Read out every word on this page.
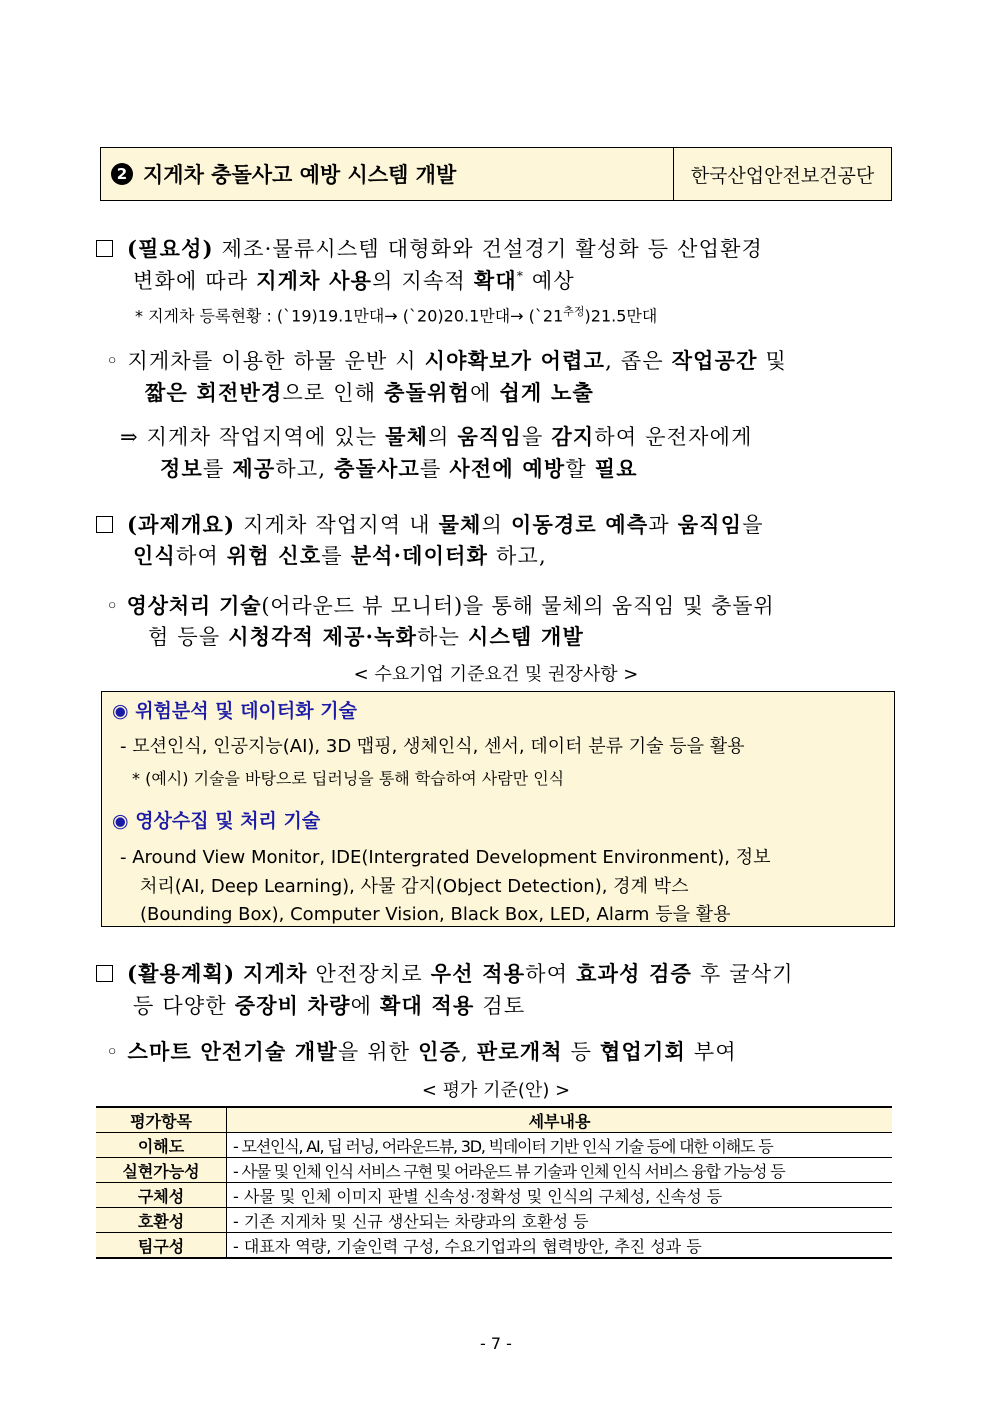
2 지게차 충돌사고 예방 시스템 개발	한국산업안전보건공단
(필요성) 제조·물류시스템 대형화와 건설경기 활성화 등 산업환경
변화에 따라 지게차 사용의 지속적 확대* 예상
* 지게차 등록현황 : (`19)19.1만대→ (`20)20.1만대→ $(`21^{추정})21.5$만대
◦ 지게차를 이용한 하물 운반 시 시야확보가 어렵고, 좁은 작업공간 및
짧은 회전반경으로 인해 충돌위험에 쉽게 노출
⇒ 지게차 작업지역에 있는 물체의 움직임을 감지하여 운전자에게
정보를 제공하고, 충돌사고를 사전에 예방할 필요
(과제개요) 지게차 작업지역 내 물체의 이동경로 예측과 움직임을
인식하여 위험 신호를 분석·데이터화 하고,
◦ 영상처리 기술(어라운드 뷰 모니터)을 통해 물체의 움직임 및 충돌위
험 등을 시청각적 제공·녹화하는 시스템 개발
< 수요기업 기준요건 및 권장사항 >
◉ 위험분석 및 데이터화 기술
- 모션인식, 인공지능(AI), 3D 맵핑, 생체인식, 센서, 데이터 분류 기술 등을 활용
* (예시) 기술을 바탕으로 딥러닝을 통해 학습하여 사람만 인식
◉ 영상수집 및 처리 기술
- Around View Monitor, IDE(Intergrated Development Environment), 정보
처리(AI, Deep Learning), 사물 감지(Object Detection), 경계 박스
(Bounding Box), Computer Vision, Black Box, LED, Alarm 등을 활용
(활용계획) 지게차 안전장치로 우선 적용하여 효과성 검증 후 굴삭기
등 다양한 중장비 차량에 확대 적용 검토
◦ 스마트 안전기술 개발을 위한 인증, 판로개척 등 협업기회 부여
< 평가 기준(안) >
평가항목	세부내용
이해도	- 모션인식, AI, 딥 러닝, 어라운드뷰, 3D, 빅데이터 기반 인식 기술 등에 대한 이해도 등
실현가능성	- 사물 및 인체 인식 서비스 구현 및 어라운드 뷰 기술과 인체 인식 서비스 융합 가능성 등
구체성	- 사물 및 인체 이미지 판별 신속성·정확성 및 인식의 구체성, 신속성 등
호환성	- 기존 지게차 및 신규 생산되는 차량과의 호환성 등
팀구성	- 대표자 역량, 기술인력 구성, 수요기업과의 협력방안, 추진 성과 등
- 7 -
